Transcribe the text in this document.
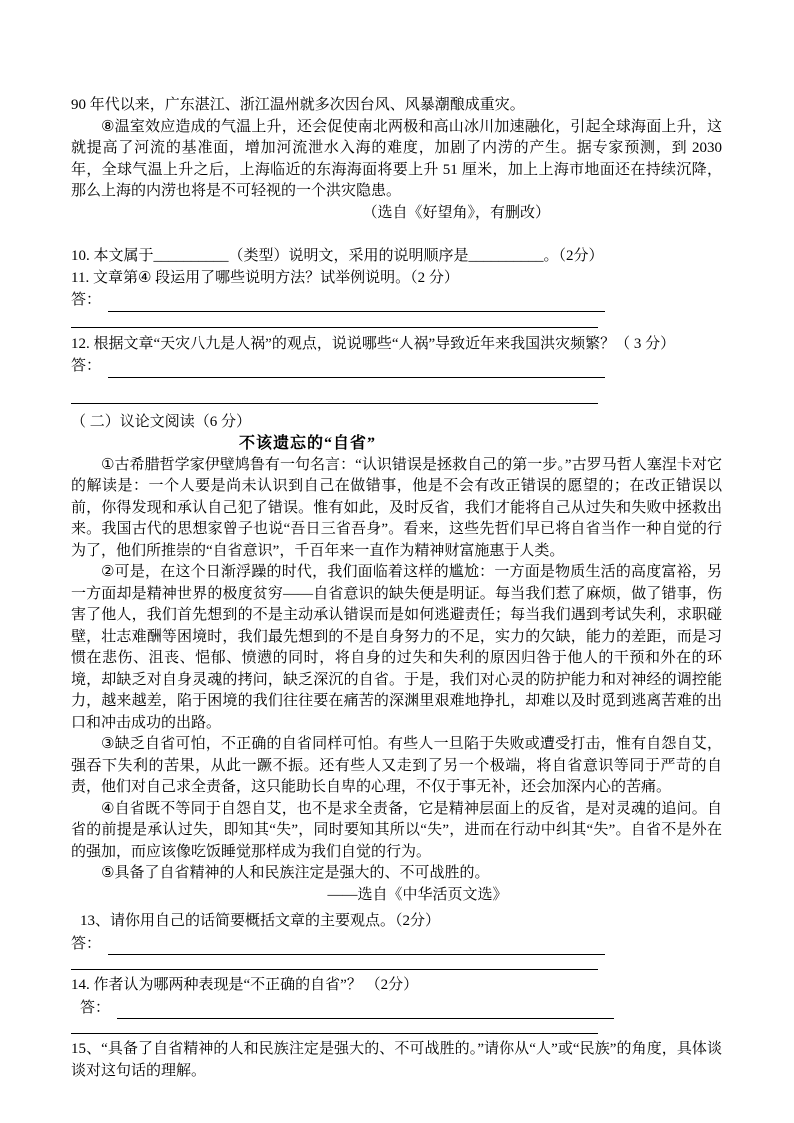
90 年代以来，广东湛江、浙江温州就多次因台风、风暴潮酿成重灾。

⑧温室效应造成的气温上升，还会促使南北两极和高山冰川加速融化，引起全球海面上升，这就提高了河流的基准面，增加河流泄水入海的难度，加剧了内涝的产生。据专家预测，到 2030 年，全球气温上升之后，上海临近的东海海面将要上升 51 厘米，加上上海市地面还在持续沉降，那么上海的内涝也将是不可轻视的一个洪灾隐患。

（选自《好望角》，有删改）

10. 本文属于__________（类型）说明文，采用的说明顺序是__________。（2分）

11. 文章第④ 段运用了哪些说明方法？试举例说明。（2 分）

答：

12. 根据文章“天灾八九是人祸”的观点，说说哪些“人祸”导致近年来我国洪灾频繁？（ 3 分）

答：

（ 二）议论文阅读（6 分）

不该遗忘的“自省”

①古希腊哲学家伊壁鸠鲁有一句名言：“认识错误是拯救自己的第一步。”古罗马哲人塞涅卡对它的解读是：一个人要是尚未认识到自己在做错事，他是不会有改正错误的愿望的；在改正错误以前，你得发现和承认自己犯了错误。惟有如此，及时反省，我们才能将自己从过失和失败中拯救出来。我国古代的思想家曾子也说“吾日三省吾身”。看来，这些先哲们早已将自省当作一种自觉的行为了，他们所推崇的“自省意识”，千百年来一直作为精神财富施惠于人类。

②可是，在这个日渐浮躁的时代，我们面临着这样的尴尬：一方面是物质生活的高度富裕，另一方面却是精神世界的极度贫穷——自省意识的缺失便是明证。每当我们惹了麻烦，做了错事，伤害了他人，我们首先想到的不是主动承认错误而是如何逃避责任；每当我们遇到考试失利，求职碰壁，壮志难酬等困境时，我们最先想到的不是自身努力的不足，实力的欠缺，能力的差距，而是习惯在悲伤、沮丧、悒郁、愤懑的同时，将自身的过失和失利的原因归咎于他人的干预和外在的环境，却缺乏对自身灵魂的拷问，缺乏深沉的自省。于是，我们对心灵的防护能力和对神经的调控能力，越来越差，陷于困境的我们往往要在痛苦的深渊里艰难地挣扎，却难以及时觅到逃离苦难的出口和冲击成功的出路。

③缺乏自省可怕，不正确的自省同样可怕。有些人一旦陷于失败或遭受打击，惟有自怨自艾，强吞下失利的苦果，从此一蹶不振。还有些人又走到了另一个极端，将自省意识等同于严苛的自责，他们对自己求全责备，这只能助长自卑的心理，不仅于事无补，还会加深内心的苦痛。

④自省既不等同于自怨自艾，也不是求全责备，它是精神层面上的反省，是对灵魂的追问。自省的前提是承认过失，即知其“失”，同时要知其所以“失”，进而在行动中纠其“失”。自省不是外在的强加，而应该像吃饭睡觉那样成为我们自觉的行为。

⑤具备了自省精神的人和民族注定是强大的、不可战胜的。

——选自《中华活页文选》

13、请你用自己的话简要概括文章的主要观点。（2分）

答：

14. 作者认为哪两种表现是“不正确的自省”？ （2分）

答：

15、“具备了自省精神的人和民族注定是强大的、不可战胜的。”请你从“人”或“民族”的角度，具体谈谈对这句话的理解。
